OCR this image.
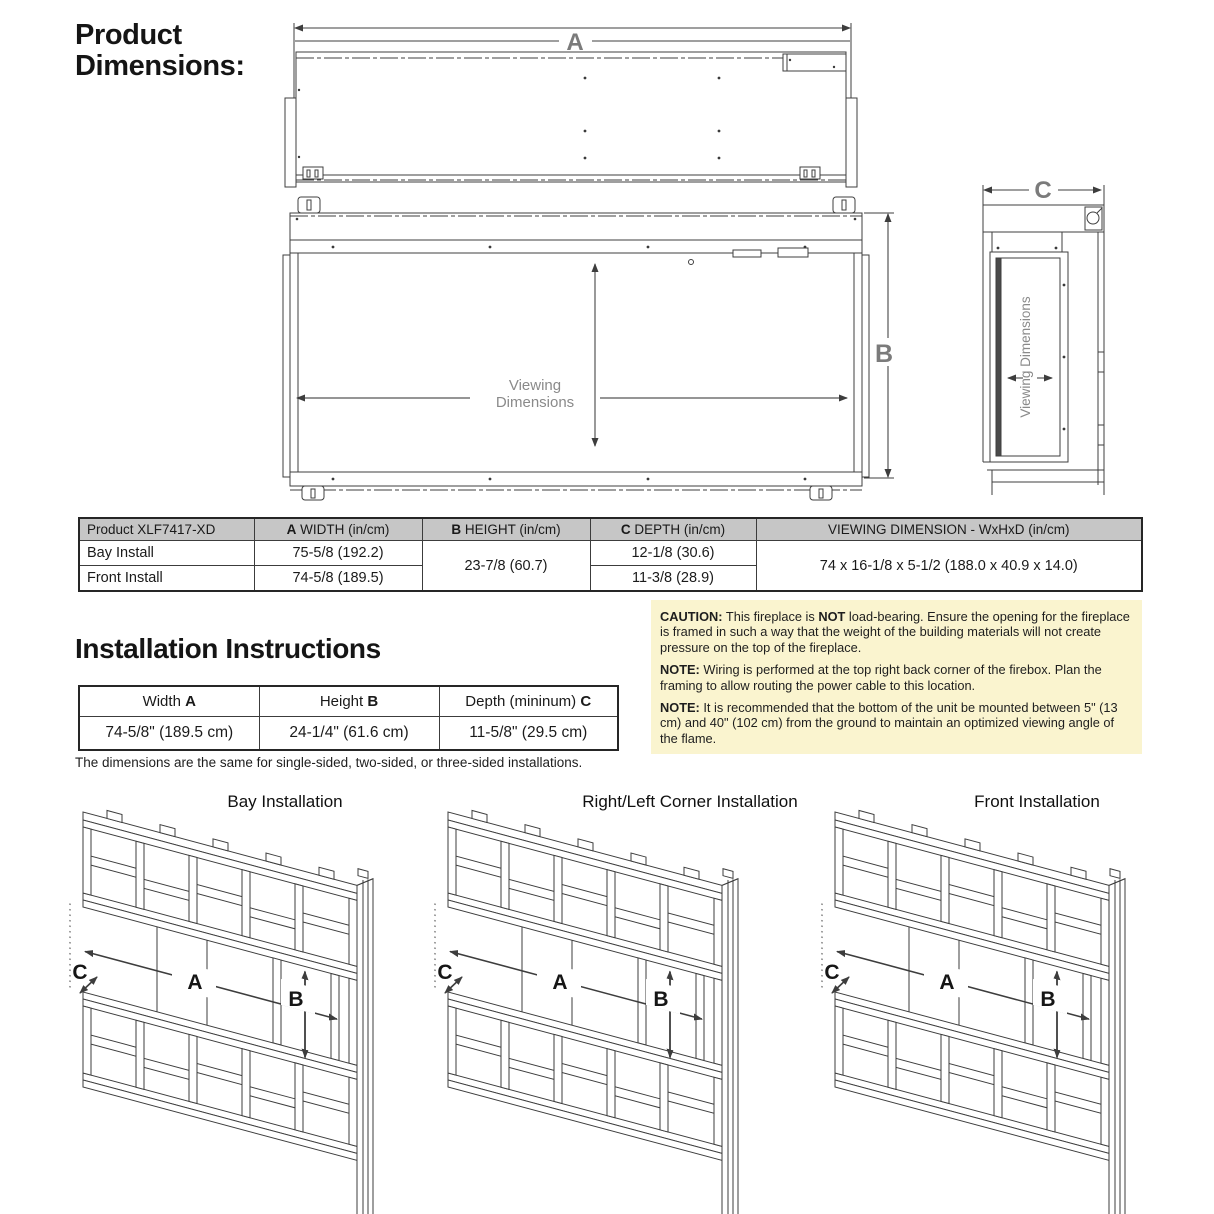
A
B
C
Product
Dimensions:
A
Viewing
Dimensions
B
C
Viewing Dimensions
Product XLF7417-XD	A WIDTH (in/cm)	B HEIGHT (in/cm)	C DEPTH (in/cm)	VIEWING DIMENSION - WxHxD (in/cm)
Bay Install	75-5/8 (192.2)	23-7/8 (60.7)	12-1/8 (30.6)	74 x 16-1/8 x 5-1/2 (188.0 x 40.9 x 14.0)
Front Install	74-5/8 (189.5)		11-3/8 (28.9)	
Installation Instructions
Width A	Height B	Depth (mininum) C
74-5/8" (189.5 cm)	24-1/4" (61.6 cm)	11-5/8" (29.5 cm)
The dimensions are the same for single-sided, two-sided, or three-sided installations.

CAUTION: This fireplace is NOT load-bearing. Ensure the opening for the fireplace is framed in such a way that the weight of the building materials will not create pressure on the top of the fireplace.

NOTE: Wiring is performed at the top right back corner of the firebox. Plan the framing to allow routing the power cable to this location.

NOTE: It is recommended that the bottom of the unit be mounted between 5" (13 cm) and 40" (102 cm) from the ground to maintain an optimized viewing angle of the flame.

Bay Installation	Right/Left Corner Installation	Front Installation
